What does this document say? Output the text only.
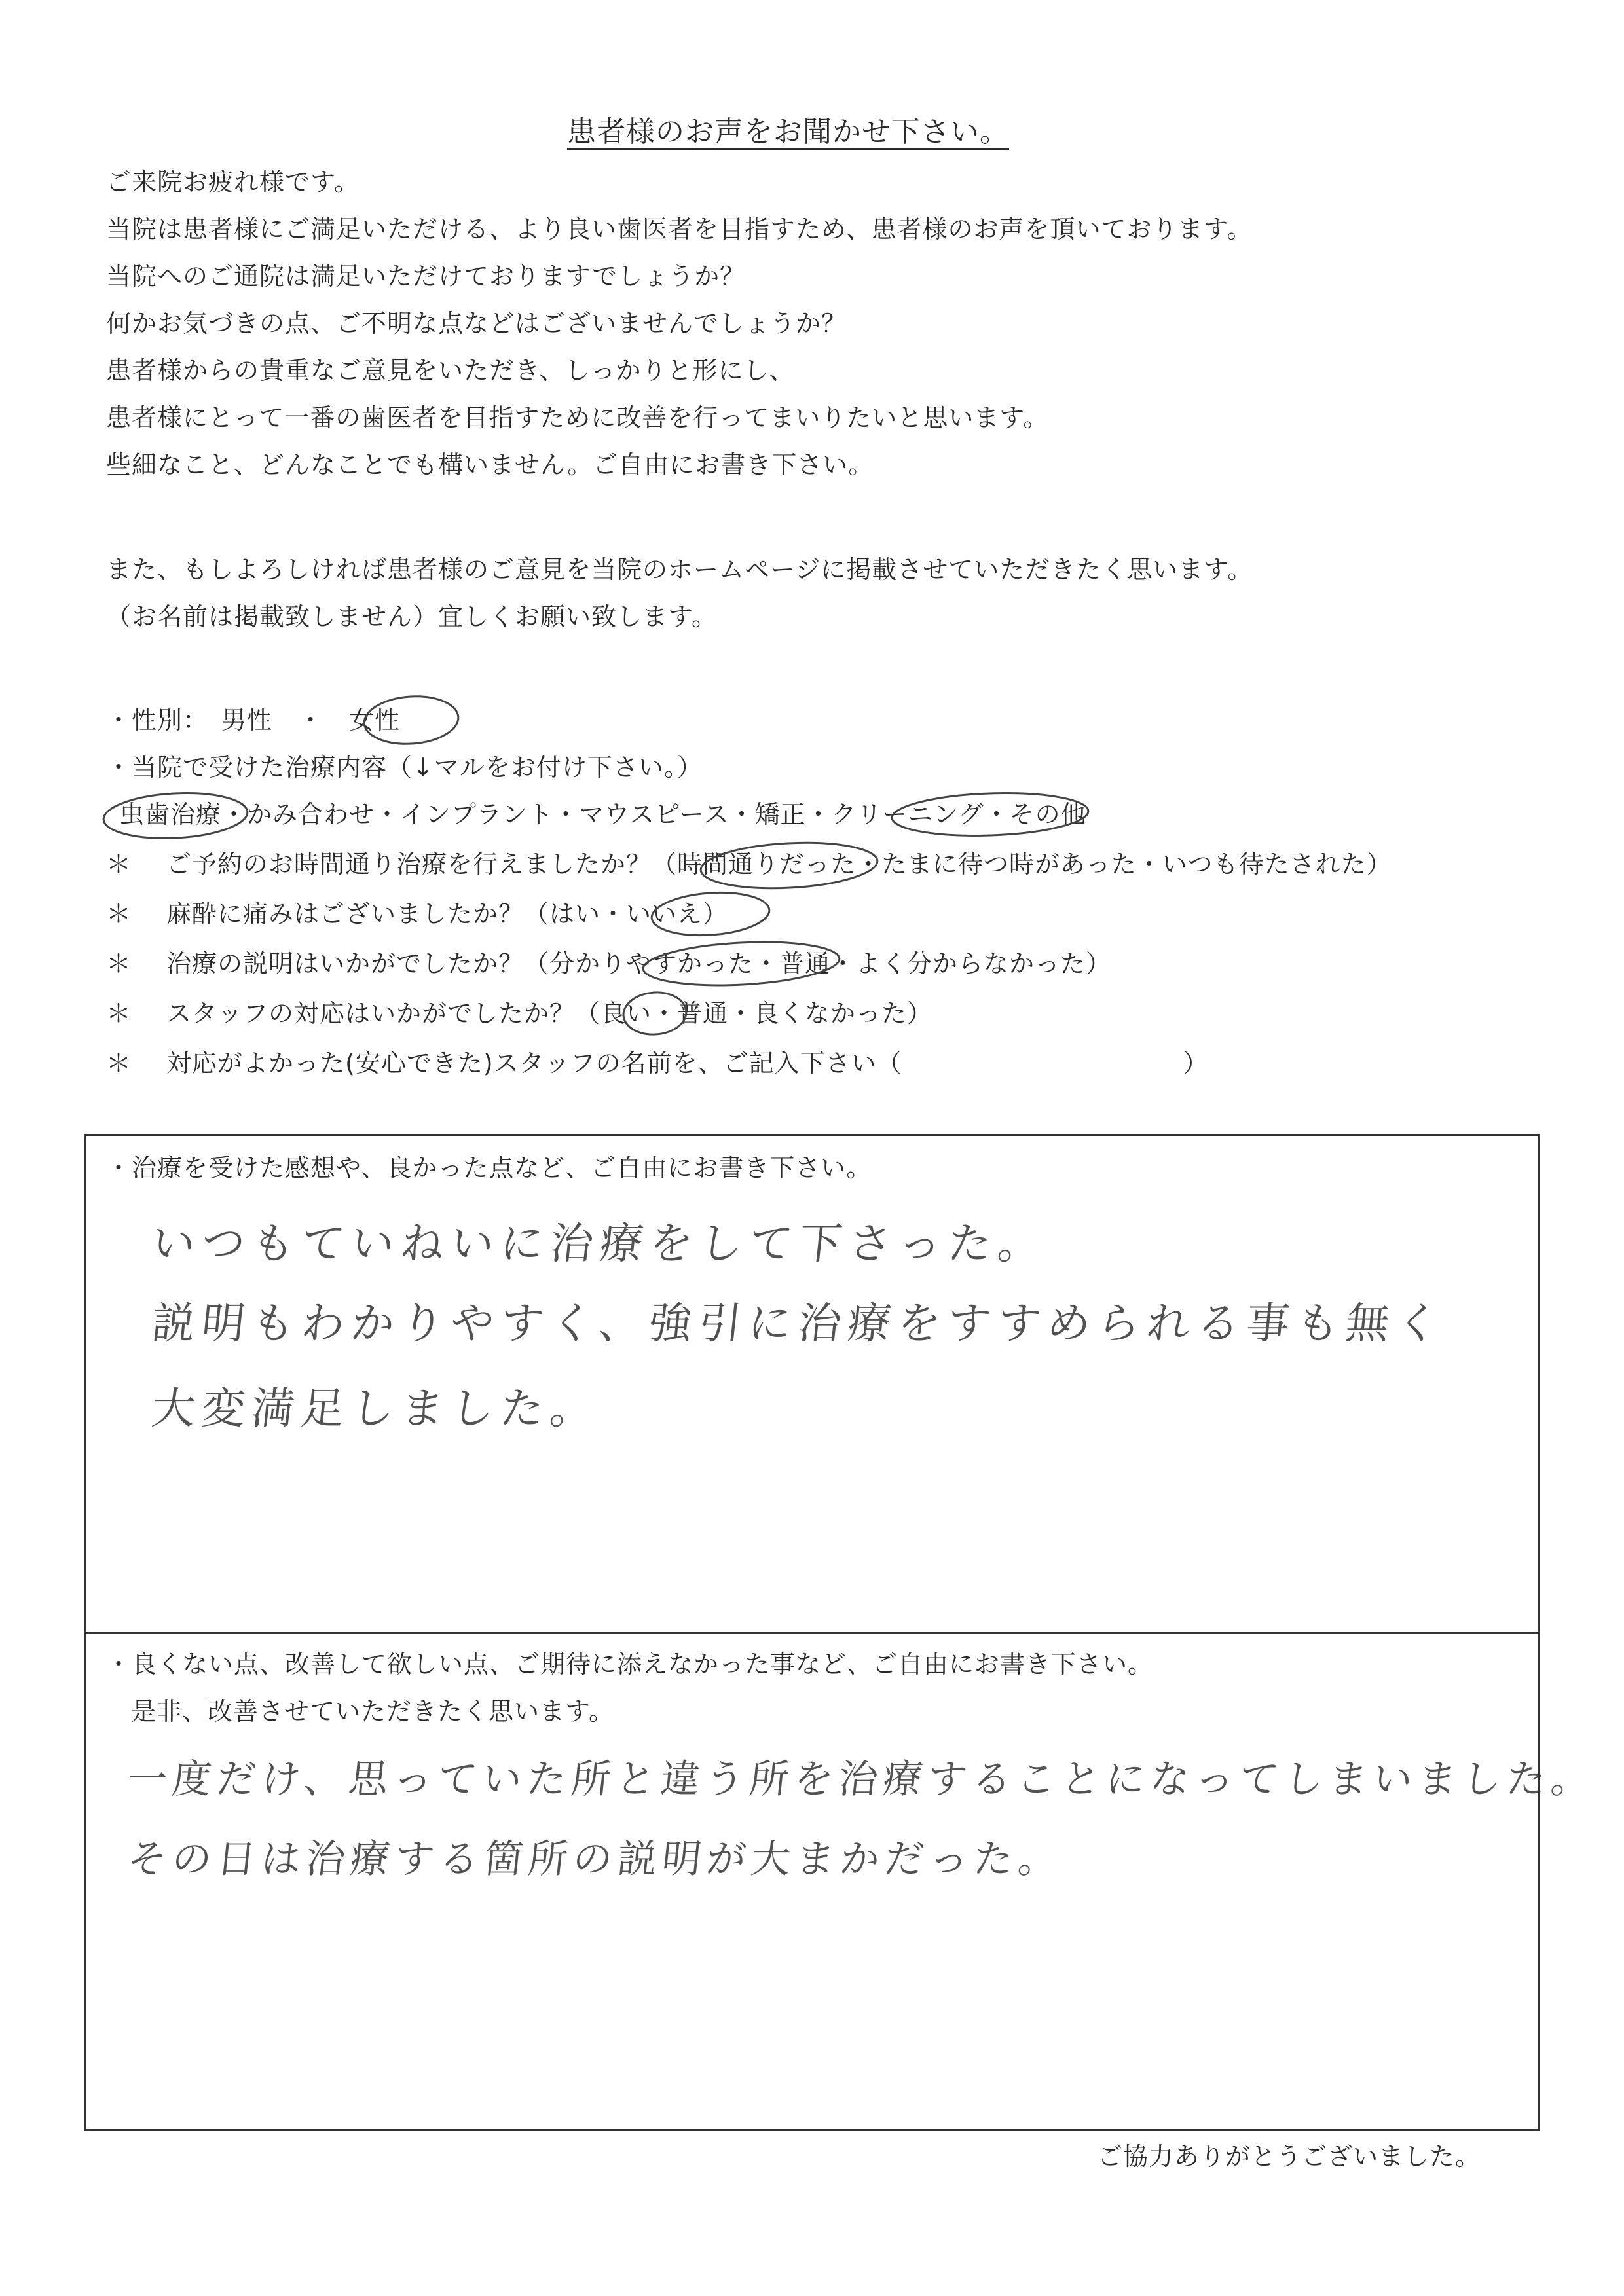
患者様のお声をお聞かせ下さい。
ご来院お疲れ様です。
当院は患者様にご満足いただける、より良い歯医者を目指すため、患者様のお声を頂いております。
当院へのご通院は満足いただけておりますでしょうか？
何かお気づきの点、ご不明な点などはございませんでしょうか？
患者様からの貴重なご意見をいただき、しっかりと形にし、
患者様にとって一番の歯医者を目指すために改善を行ってまいりたいと思います。
些細なこと、どんなことでも構いません。ご自由にお書き下さい。
また、もしよろしければ患者様のご意見を当院のホームページに掲載させていただきたく思います。
（お名前は掲載致しません）宜しくお願い致します。
・性別：　男性　・　女性
・当院で受けた治療内容（↓マルをお付け下さい。）
虫歯治療・かみ合わせ・インプラント・マウスピース・矯正・クリーニング・その他
＊ ご予約のお時間通り治療を行えましたか？（時間通りだった・たまに待つ時があった・いつも待たされた）
＊ 麻酔に痛みはございましたか？（はい・いいえ）
＊ 治療の説明はいかがでしたか？（分かりやすかった・普通・よく分からなかった）
＊ スタッフの対応はいかがでしたか？（良い・普通・良くなかった）
＊ 対応がよかった(安心できた)スタッフの名前を、ご記入下さい（　　　　　　　　　　　）
・治療を受けた感想や、良かった点など、ご自由にお書き下さい。
いつもていねいに治療をして下さった。
説明もわかりやすく、強引に治療をすすめられる事も無く
大変満足しました。
・良くない点、改善して欲しい点、ご期待に添えなかった事など、ご自由にお書き下さい。
是非、改善させていただきたく思います。
一度だけ、思っていた所と違う所を治療することになってしまいました。
その日は治療する箇所の説明が大まかだった。
ご協力ありがとうございました。
